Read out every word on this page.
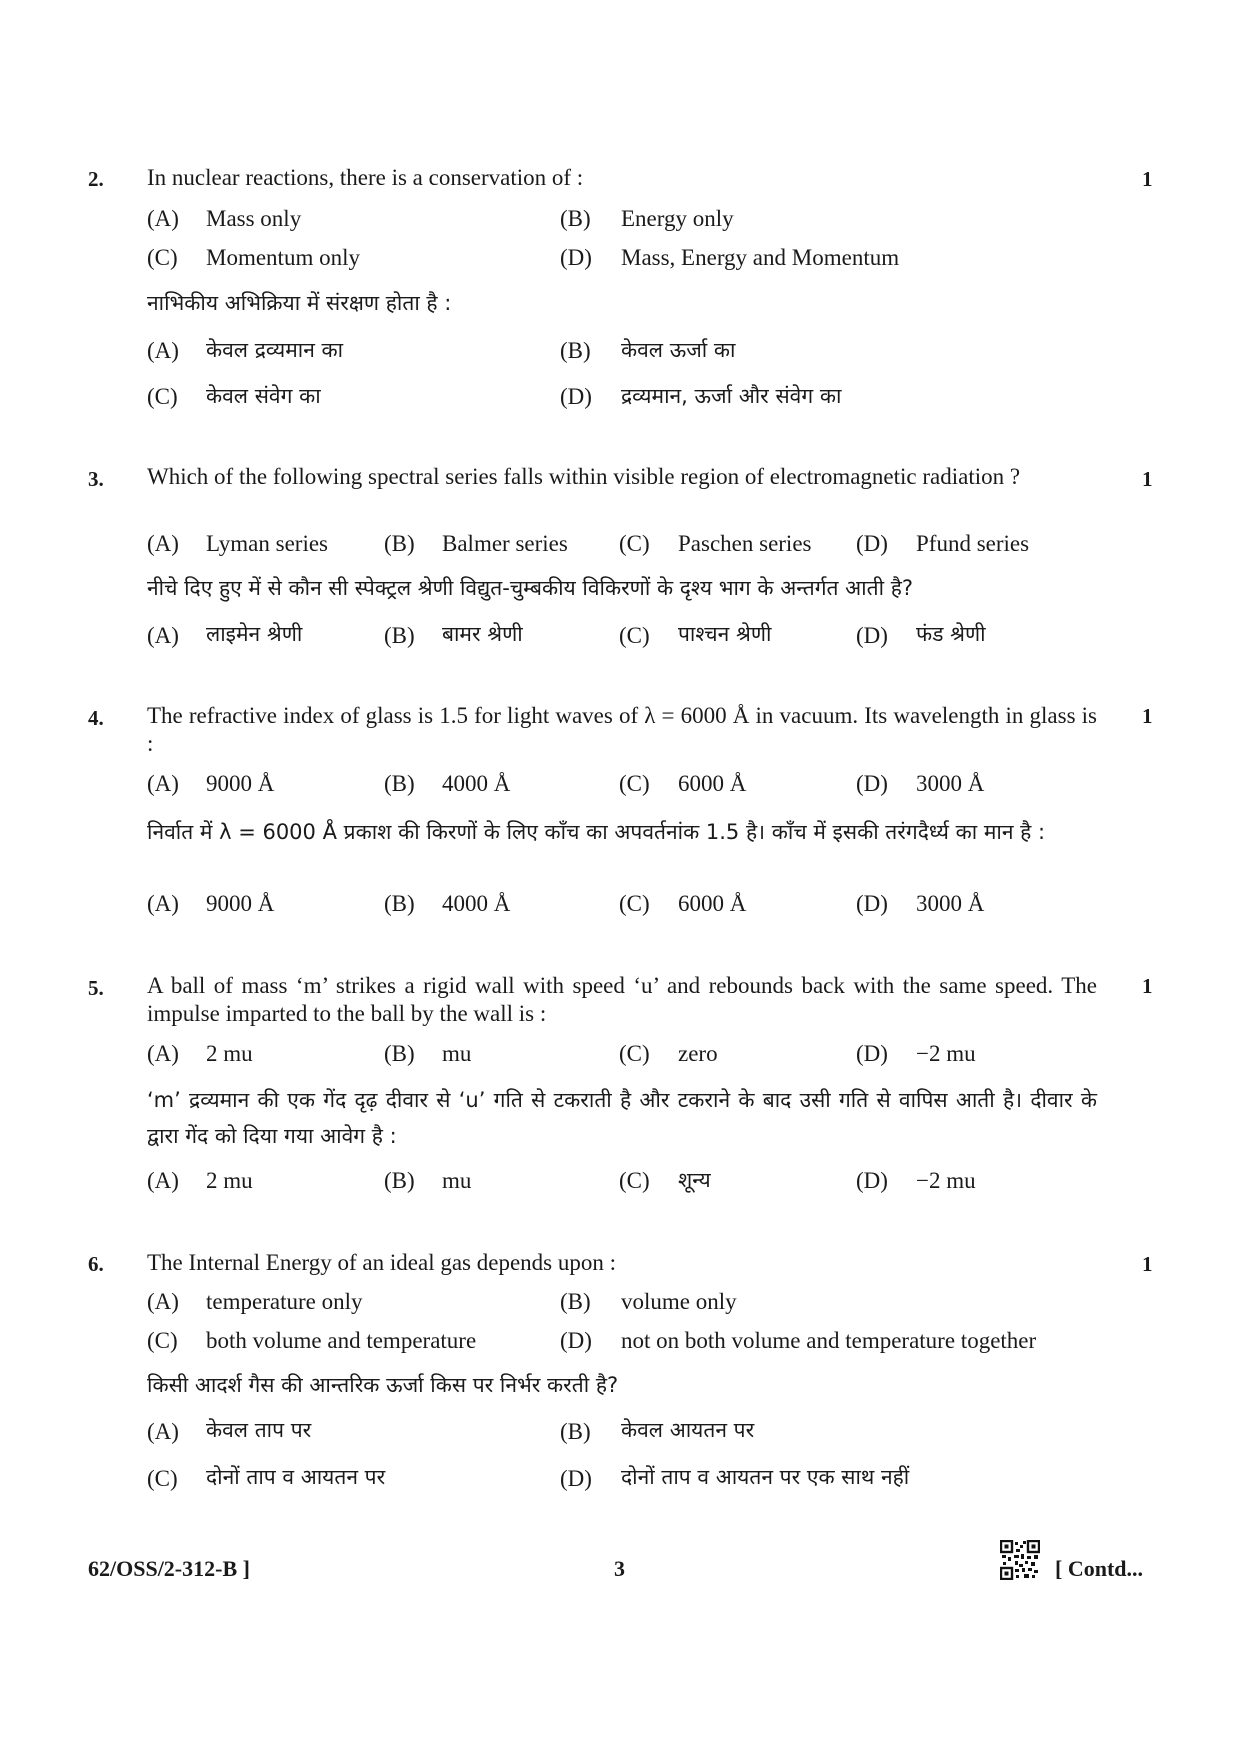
2.	1
In nuclear reactions, there is a conservation of :
(A) Mass only	(B) Energy only
(C) Momentum only	(D) Mass, Energy and Momentum
नाभिकीय अभिक्रिया में संरक्षण होता है :
(A) केवल द्रव्यमान का	(B) केवल ऊर्जा का
(C) केवल संवेग का	(D) द्रव्यमान, ऊर्जा और संवेग का
3.	1
Which of the following spectral series falls within visible region of electromagnetic radiation ?
(A) Lyman series (B) Balmer series (C) Paschen series (D) Pfund series
नीचे दिए हुए में से कौन सी स्पेक्ट्रल श्रेणी विद्युत-चुम्बकीय विकिरणों के दृश्य भाग के अन्तर्गत आती है?
(A) लाइमेन श्रेणी	(B) बामर श्रेणी	(C) पाश्चन श्रेणी	(D) फंड श्रेणी
4.	1
The refractive index of glass is 1.5 for light waves of λ = 6000 Å in vacuum. Its wavelength in glass is :
(A) 9000 Å	(B) 4000 Å	(C) 6000 Å	(D) 3000 Å
निर्वात में λ = 6000 Å प्रकाश की किरणों के लिए काँच का अपवर्तनांक 1.5 है। काँच में इसकी तरंगदैर्ध्य का मान है :
(A) 9000 Å	(B) 4000 Å	(C) 6000 Å	(D) 3000 Å
5.	1
A ball of mass ‘m’ strikes a rigid wall with speed ‘u’ and rebounds back with the same speed. The impulse imparted to the ball by the wall is :
(A) 2 mu	(B) mu	(C) zero	(D) −2 mu
‘m’ द्रव्यमान की एक गेंद दृढ़ दीवार से ‘u’ गति से टकराती है और टकराने के बाद उसी गति से वापिस आती है। दीवार के द्वारा गेंद को दिया गया आवेग है :
(A) 2 mu	(B) mu	(C) शून्य	(D) −2 mu
6.	1
The Internal Energy of an ideal gas depends upon :
(A) temperature only	(B) volume only
(C) both volume and temperature	(D) not on both volume and temperature together
किसी आदर्श गैस की आन्तरिक ऊर्जा किस पर निर्भर करती है?
(A) केवल ताप पर	(B) केवल आयतन पर
(C) दोनों ताप व आयतन पर	(D) दोनों ताप व आयतन पर एक साथ नहीं
62/OSS/2-312-B ]	3	[ Contd...
